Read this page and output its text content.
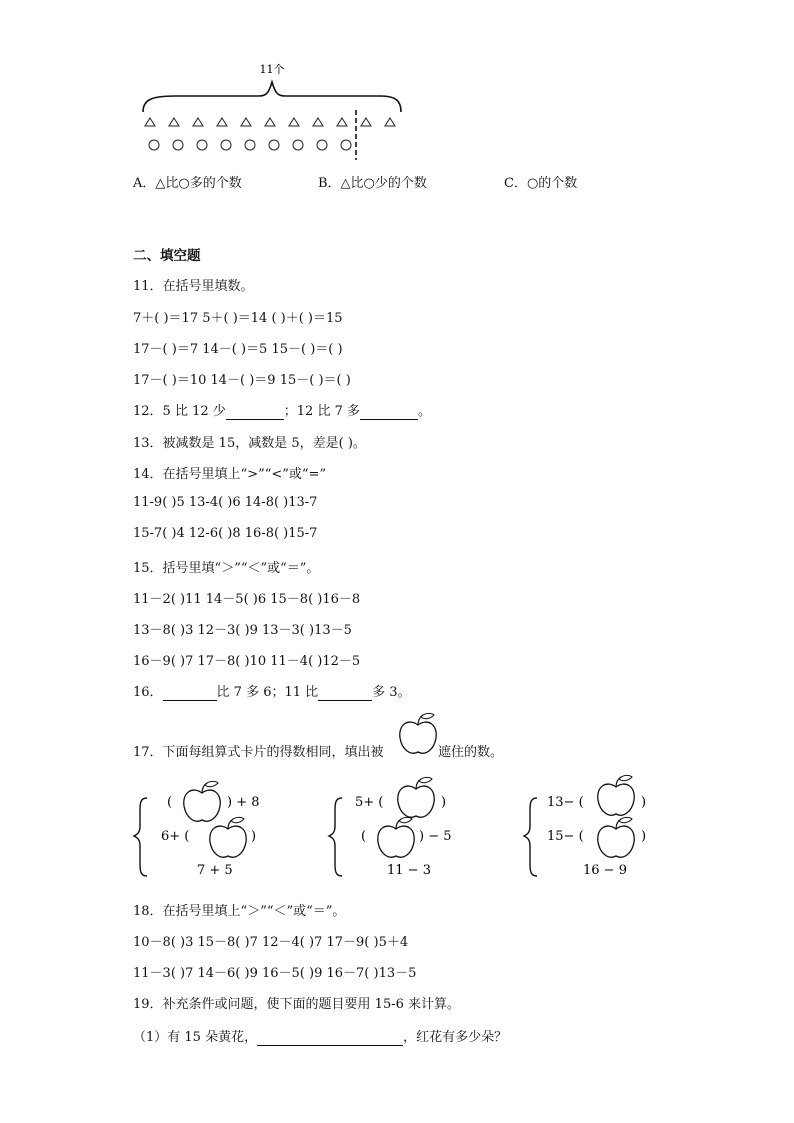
11个
A．△比○多的个数	B．△比○少的个数	C．○的个数
二、填空题
11．在括号里填数。
7＋( )＝17 5＋( )＝14 ( )＋( )＝15
17－( )＝7 14－( )＝5 15－( )＝( )
17－( )＝10 14－( )＝9 15－( )＝( )
12．5 比 12 少	；12 比 7 多	。
13．被减数是 15，减数是 5，差是( )。
14．在括号里填上“>”“<”或“=”
11-9( )5 13-4( )6 14-8( )13-7
15-7( )4 12-6( )8 16-8( )15-7
15．括号里填“＞”“＜”或“＝”。
11－2( )11 14－5( )6 15－8( )16－8
13－8( )3 12－3( )9 13－3( )13－5
16－9( )7 17－8( )10 11－4( )12－5
16．	比 7 多 6；11 比	多 3。
17．下面每组算式卡片的得数相同，填出被	遮住的数。
(	) + 8
6+ (	)
7 + 5
5+ (	)
(	) − 5
11 − 3
13− (	)
15− (	)
16 − 9
18．在括号里填上“＞”“＜”或“＝”。
10－8( )3 15－8( )7 12－4( )7 17－9( )5＋4
11－3( )7 14－6( )9 16－5( )9 16－7( )13－5
19．补充条件或问题，使下面的题目要用 15-6 来计算。
（1）有 15 朵黄花，	，红花有多少朵？
